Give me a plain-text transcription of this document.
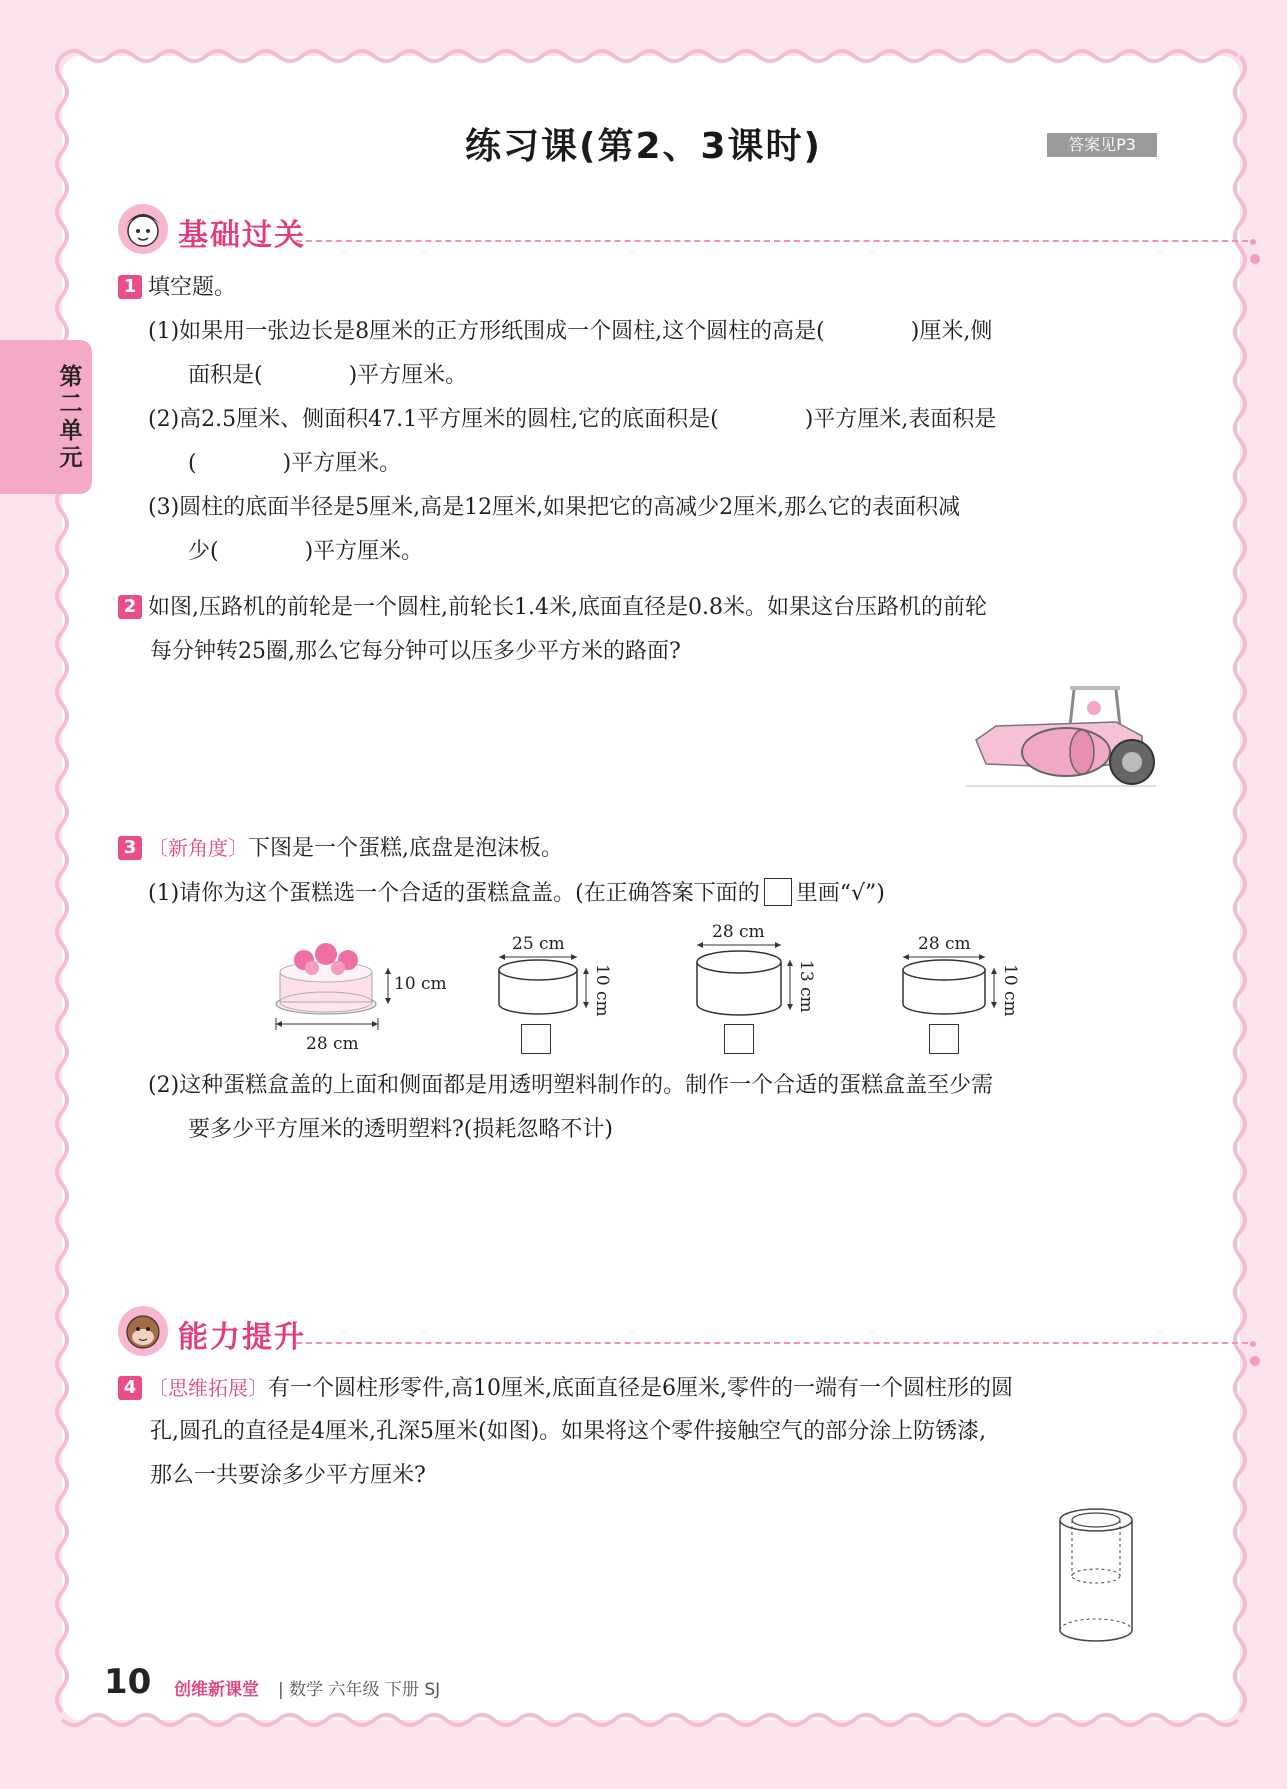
练习课(第2、3课时)	答案见P3
第二单元
基础过关
1 填空题。
(1)如果用一张边长是8厘米的正方形纸围成一个圆柱,这个圆柱的高是(	)厘米,侧
面积是(	)平方厘米。
(2)高2.5厘米、侧面积47.1平方厘米的圆柱,它的底面积是(	)平方厘米,表面积是
(	)平方厘米。
(3)圆柱的底面半径是5厘米,高是12厘米,如果把它的高减少2厘米,那么它的表面积减
少(	)平方厘米。
2 如图,压路机的前轮是一个圆柱,前轮长1.4米,底面直径是0.8米。如果这台压路机的前轮
每分钟转25圈,那么它每分钟可以压多少平方米的路面?
3 〔新角度〕下图是一个蛋糕,底盘是泡沫板。
(1)请你为这个蛋糕选一个合适的蛋糕盒盖。(在正确答案下面的 里画“√”)
28 cm
10 cm
25 cm
10 cm
28 cm
13 cm
28 cm
10 cm
(2)这种蛋糕盒盖的上面和侧面都是用透明塑料制作的。制作一个合适的蛋糕盒盖至少需
要多少平方厘米的透明塑料?(损耗忽略不计)
能力提升
4 〔思维拓展〕有一个圆柱形零件,高10厘米,底面直径是6厘米,零件的一端有一个圆柱形的圆
孔,圆孔的直径是4厘米,孔深5厘米(如图)。如果将这个零件接触空气的部分涂上防锈漆,
那么一共要涂多少平方厘米?
10 创维新课堂 | 数学 六年级 下册 SJ
